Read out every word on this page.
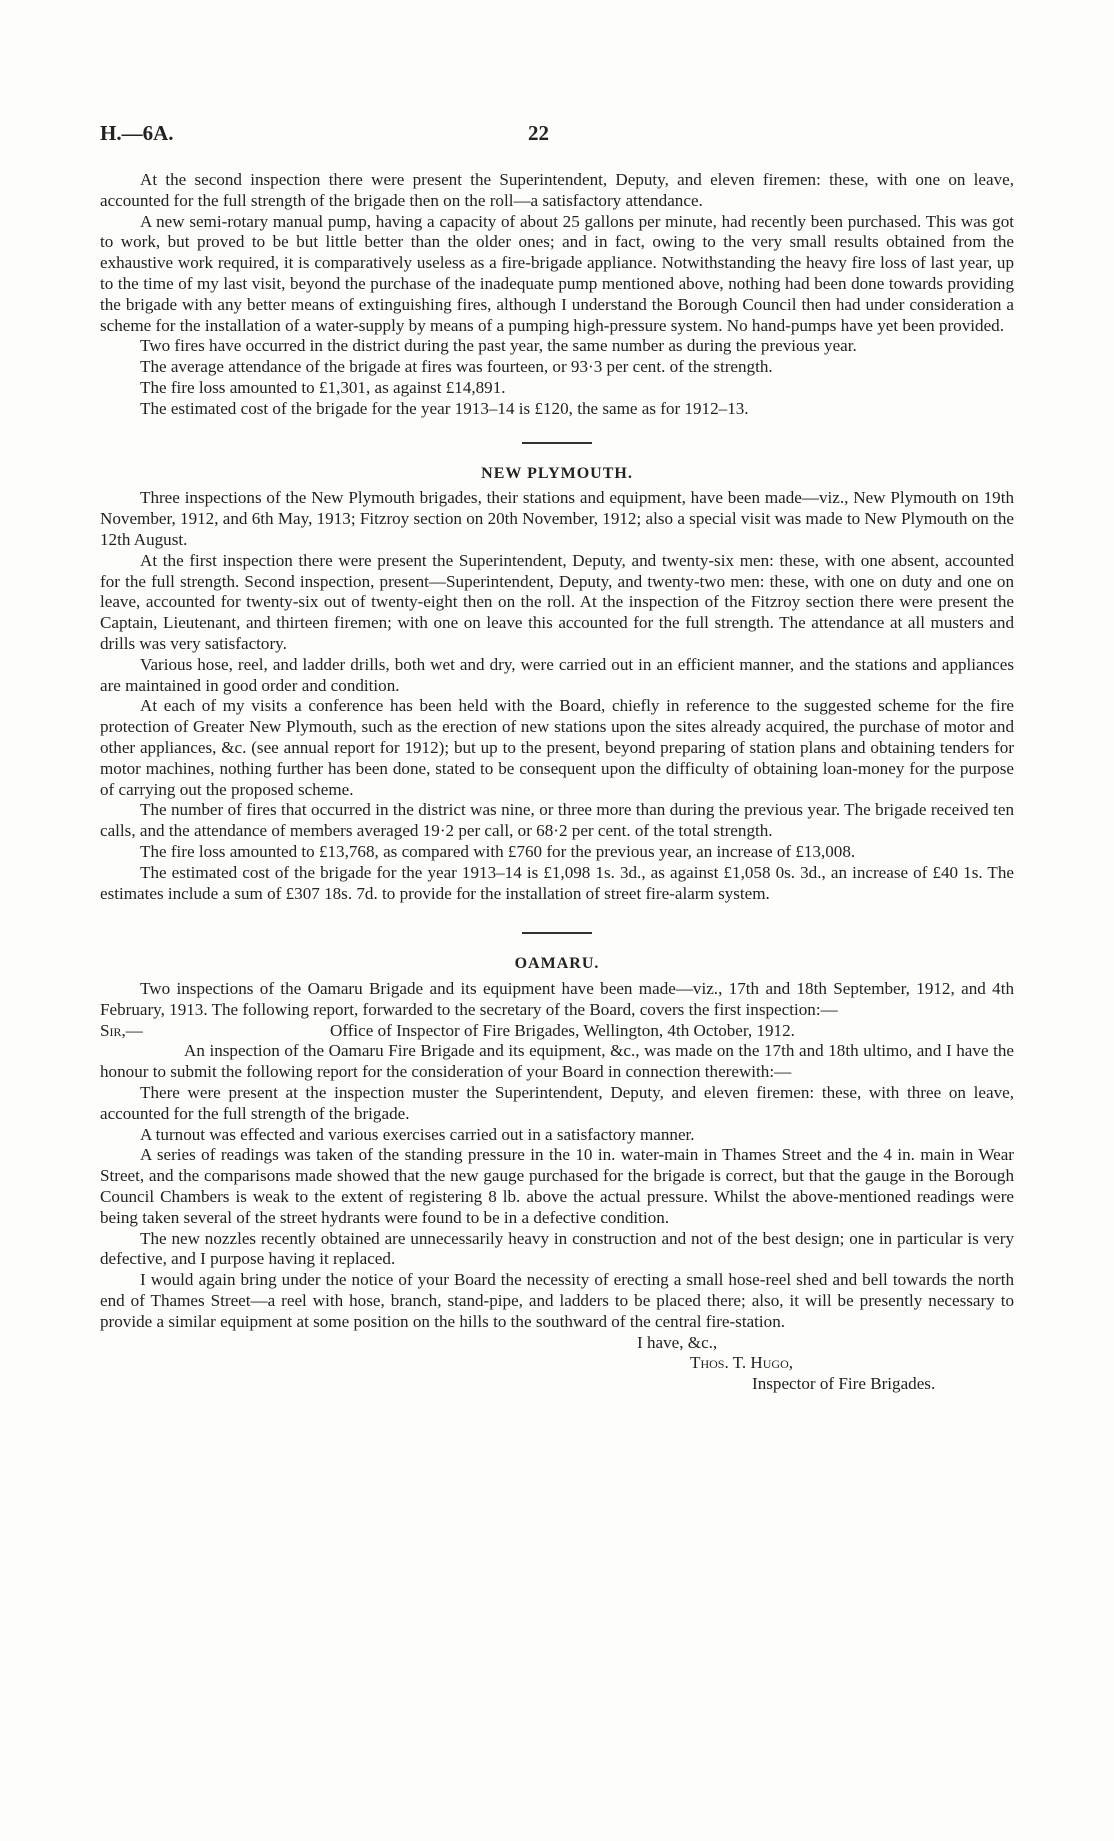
H.—6A.	22

At the second inspection there were present the Superintendent, Deputy, and eleven firemen: these, with one on leave, accounted for the full strength of the brigade then on the roll—a satisfactory attendance.

A new semi-rotary manual pump, having a capacity of about 25 gallons per minute, had recently been purchased. This was got to work, but proved to be but little better than the older ones; and in fact, owing to the very small results obtained from the exhaustive work required, it is comparatively useless as a fire-brigade appliance. Notwithstanding the heavy fire loss of last year, up to the time of my last visit, beyond the purchase of the inadequate pump mentioned above, nothing had been done towards providing the brigade with any better means of extinguishing fires, although I understand the Borough Council then had under consideration a scheme for the installation of a water-supply by means of a pumping high-pressure system. No hand-pumps have yet been provided.

Two fires have occurred in the district during the past year, the same number as during the previous year.

The average attendance of the brigade at fires was fourteen, or 93·3 per cent. of the strength.

The fire loss amounted to £1,301, as against £14,891.

The estimated cost of the brigade for the year 1913–14 is £120, the same as for 1912–13.

NEW PLYMOUTH.

Three inspections of the New Plymouth brigades, their stations and equipment, have been made—viz., New Plymouth on 19th November, 1912, and 6th May, 1913; Fitzroy section on 20th November, 1912; also a special visit was made to New Plymouth on the 12th August.

At the first inspection there were present the Superintendent, Deputy, and twenty-six men: these, with one absent, accounted for the full strength. Second inspection, present—Superintendent, Deputy, and twenty-two men: these, with one on duty and one on leave, accounted for twenty-six out of twenty-eight then on the roll. At the inspection of the Fitzroy section there were present the Captain, Lieutenant, and thirteen firemen; with one on leave this accounted for the full strength. The attendance at all musters and drills was very satisfactory.

Various hose, reel, and ladder drills, both wet and dry, were carried out in an efficient manner, and the stations and appliances are maintained in good order and condition.

At each of my visits a conference has been held with the Board, chiefly in reference to the suggested scheme for the fire protection of Greater New Plymouth, such as the erection of new stations upon the sites already acquired, the purchase of motor and other appliances, &c. (see annual report for 1912); but up to the present, beyond preparing of station plans and obtaining tenders for motor machines, nothing further has been done, stated to be consequent upon the difficulty of obtaining loan-money for the purpose of carrying out the proposed scheme.

The number of fires that occurred in the district was nine, or three more than during the previous year. The brigade received ten calls, and the attendance of members averaged 19·2 per call, or 68·2 per cent. of the total strength.

The fire loss amounted to £13,768, as compared with £760 for the previous year, an increase of £13,008.

The estimated cost of the brigade for the year 1913–14 is £1,098 1s. 3d., as against £1,058 0s. 3d., an increase of £40 1s. The estimates include a sum of £307 18s. 7d. to provide for the installation of street fire-alarm system.

OAMARU.

Two inspections of the Oamaru Brigade and its equipment have been made—viz., 17th and 18th September, 1912, and 4th February, 1913. The following report, forwarded to the secretary of the Board, covers the first inspection:—

Sir,—	Office of Inspector of Fire Brigades, Wellington, 4th October, 1912.

An inspection of the Oamaru Fire Brigade and its equipment, &c., was made on the 17th and 18th ultimo, and I have the honour to submit the following report for the consideration of your Board in connection therewith:—

There were present at the inspection muster the Superintendent, Deputy, and eleven firemen: these, with three on leave, accounted for the full strength of the brigade.

A turnout was effected and various exercises carried out in a satisfactory manner.

A series of readings was taken of the standing pressure in the 10 in. water-main in Thames Street and the 4 in. main in Wear Street, and the comparisons made showed that the new gauge purchased for the brigade is correct, but that the gauge in the Borough Council Chambers is weak to the extent of registering 8 lb. above the actual pressure. Whilst the above-mentioned readings were being taken several of the street hydrants were found to be in a defective condition.

The new nozzles recently obtained are unnecessarily heavy in construction and not of the best design; one in particular is very defective, and I purpose having it replaced.

I would again bring under the notice of your Board the necessity of erecting a small hose-reel shed and bell towards the north end of Thames Street—a reel with hose, branch, stand-pipe, and ladders to be placed there; also, it will be presently necessary to provide a similar equipment at some position on the hills to the southward of the central fire-station.

I have, &c.,

Thos. T. Hugo,

Inspector of Fire Brigades.
